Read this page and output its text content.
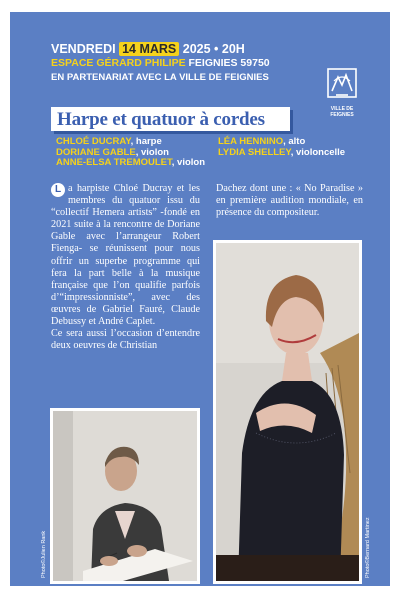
VENDREDI 14 MARS 2025 • 20H
ESPACE GÉRARD PHILIPE FEIGNIES 59750
EN PARTENARIAT AVEC LA VILLE DE FEIGNIES
VILLE DE
FEIGNIES
Harpe et quatuor à cordes
CHLOÉ DUCRAY, harpe
DORIANE GABLE, violon
ANNE-ELSA TREMOULET, violon
LÉA HENNINO, alto
LYDIA SHELLEY, violoncelle
L a harpiste Chloé Ducray et les membres du quatuor issu du “collectif Hemera artists” -fondé en 2021 suite à la rencontre de Doriane Gable avec l’arrangeur Robert Fienga- se réunissent pour nous offrir un superbe programme qui fera la part belle à la musique française que l’on qualifie parfois d’“impressionniste”, avec des œuvres de Gabriel Fauré, Claude Debussy et André Caplet.
Ce sera aussi l’occasion d’entendre deux oeuvres de Christian
Dachez dont une : « No Paradise » en première audition mondiale, en présence du compositeur.
Photo©Julien Rank	Photo©Bernard Martinez
